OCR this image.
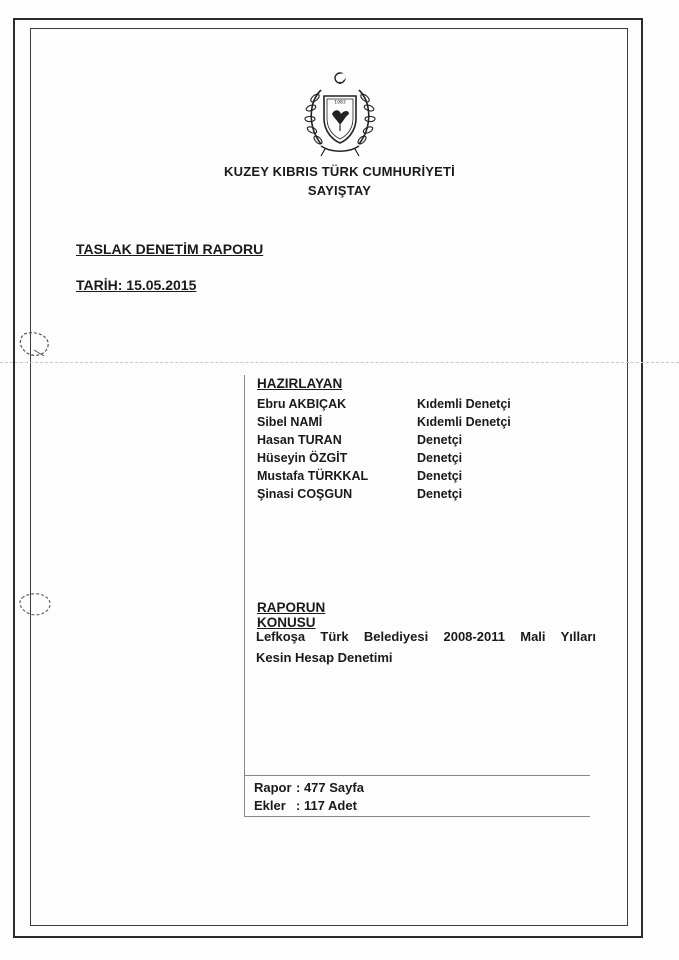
1983
KUZEY KIBRIS TÜRK CUMHURİYETİ
SAYIŞTAY
TASLAK DENETİM RAPORU
TARİH: 15.05.2015
HAZIRLAYAN
Ebru AKBIÇAK	Kıdemli Denetçi
Sibel NAMİ	Kıdemli Denetçi
Hasan TURAN	Denetçi
Hüseyin ÖZGİT	Denetçi
Mustafa TÜRKKAL	Denetçi
Şinasi COŞGUN	Denetçi
RAPORUN KONUSU
Lefkoşa Türk Belediyesi 2008-2011 Mali Yılları
Kesin Hesap Denetimi
Rapor : 477 Sayfa
Ekler : 117 Adet
